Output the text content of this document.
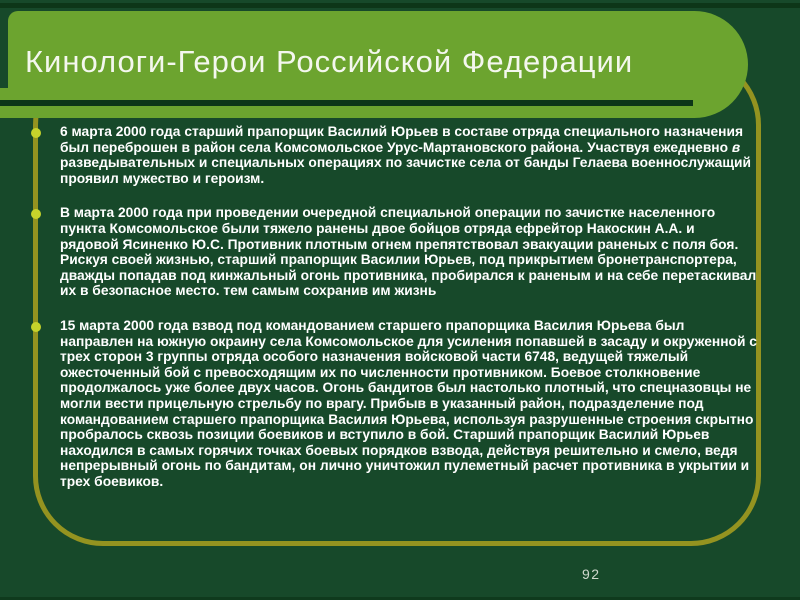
Кинологи-Герои Российской Федерации
6 марта 2000 года старший прапорщик Василий Юрьев в составе отряда специального назначения был переброшен в район села Комсомольское Урус-Мартановского района. Участвуя ежедневно в разведывательных и специальных операциях по зачистке села от банды Гелаева военнослужащий проявил мужество и героизм.
В марта 2000 года при проведении очередной специальной операции по зачистке населенного пункта Комсомольское были тяжело ранены двое бойцов отряда ефрейтор Накоскин А.А. и рядовой Ясиненко Ю.С. Противник плотным огнем препятствовал эвакуации раненых с поля боя. Рискуя своей жизнью, старший прапорщик Василии Юрьев, под прикрытием бронетранспортера, дважды попадав под кинжальный огонь противника, пробирался к раненым и на себе перетаскивал их в безопасное место. тем самым сохранив им жизнь
15 марта 2000 года взвод под командованием старшего прапорщика Василия Юрьева был направлен на южную окраину села Комсомольское для усиления попавшей в засаду и окруженной с трех сторон 3 группы отряда особого назначения войсковой части 6748, ведущей тяжелый ожесточенный бой с превосходящим их по численности противником. Боевое столкновение продолжалось уже более двух часов. Огонь бандитов был настолько плотный, что спецназовцы не могли вести прицельную стрельбу по врагу. Прибыв в указанный район, подразделение под командованием старшего прапорщика Василия Юрьева, используя разрушенные строения скрытно пробралось сквозь позиции боевиков и вступило в бой. Старший прапорщик Василий Юрьев находился в самых горячих точках боевых порядков взвода, действуя решительно и смело, ведя непрерывный огонь по бандитам, он лично уничтожил пулеметный расчет противника в укрытии и трех боевиков.
92
